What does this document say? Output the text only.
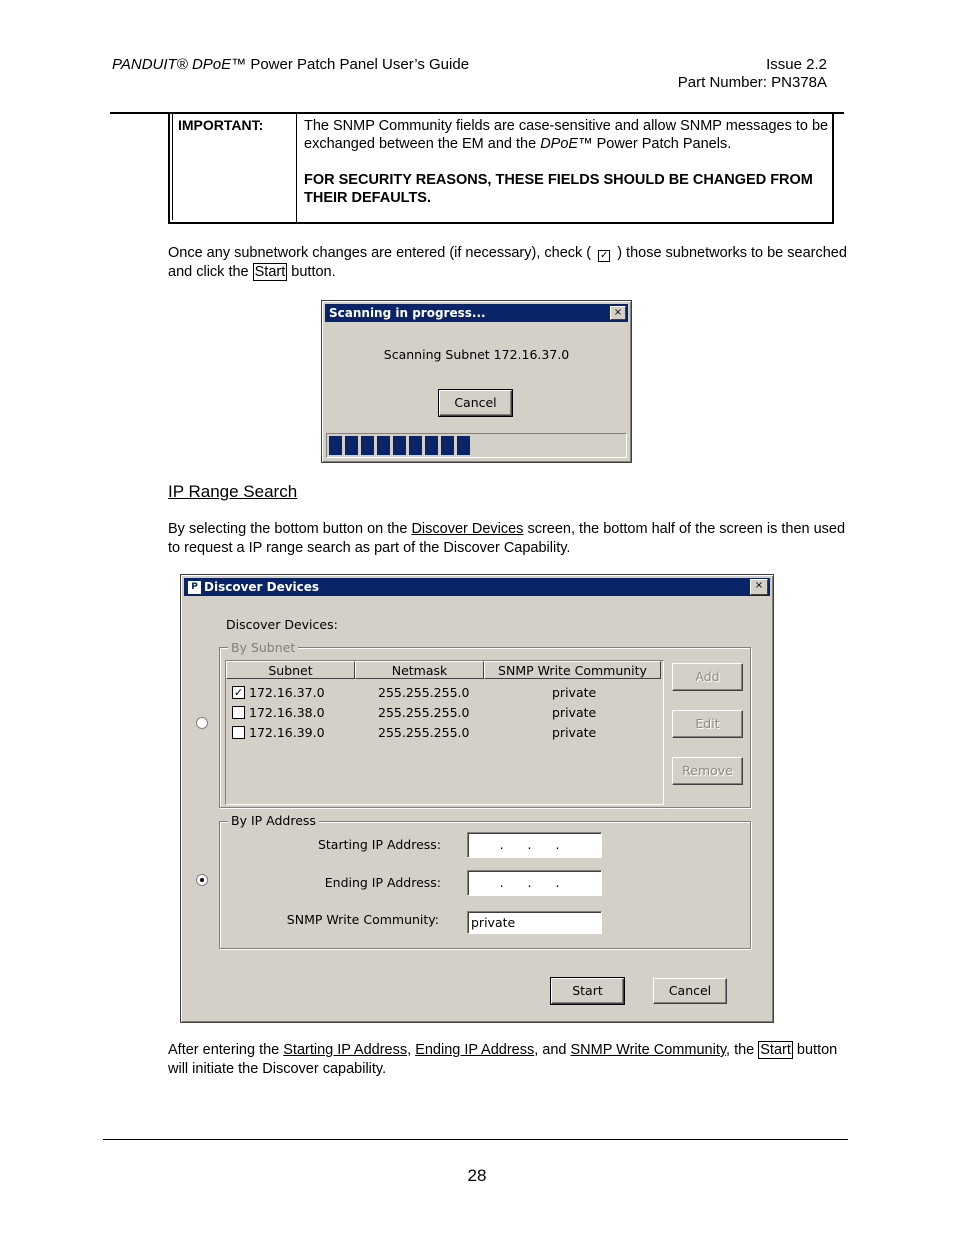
PANDUIT® DPoE™ Power Patch Panel User’s Guide	Issue 2.2
Part Number: PN378A
IMPORTANT:	The SNMP Community fields are case-sensitive and allow SNMP messages to be exchanged between the EM and the DPoE™ Power Patch Panels.
FOR SECURITY REASONS, THESE FIELDS SHOULD BE CHANGED FROM THEIR DEFAULTS.
Once any subnetwork changes are entered (if necessary), check ( ✓ ) those subnetworks to be searched and click the Start button.
Scanning in progress...	×
Scanning Subnet 172.16.37.0
Cancel
IP Range Search
By selecting the bottom button on the Discover Devices screen, the bottom half of the screen is then used to request a IP range search as part of the Discover Capability.
P Discover Devices	×
Discover Devices:
By Subnet
Subnet	Netmask	SNMP Write Community
✓ 172.16.37.0	255.255.255.0	private
172.16.38.0	255.255.255.0	private
172.16.39.0	255.255.255.0	private
Add
Edit
Remove
By IP Address
Starting IP Address:	. . .
Ending IP Address:	. . .
SNMP Write Community:	private
Start	Cancel
After entering the Starting IP Address, Ending IP Address, and SNMP Write Community, the Start button will initiate the Discover capability.
28
